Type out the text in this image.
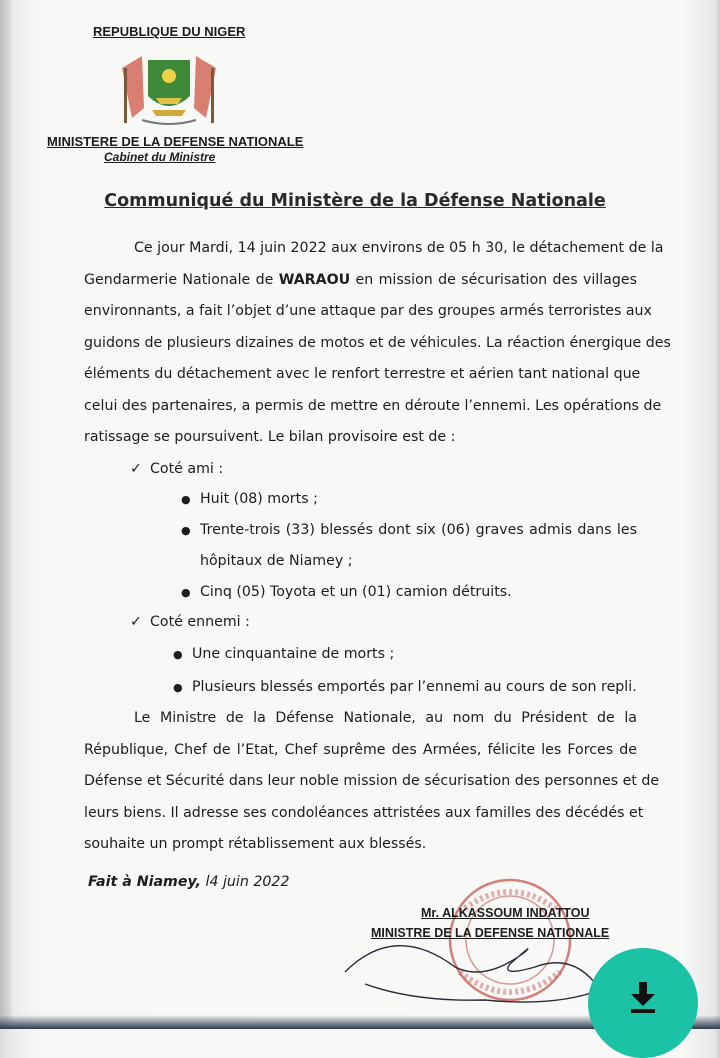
REPUBLIQUE DU NIGER
MINISTERE DE LA DEFENSE NATIONALE
Cabinet du Ministre
Communiqué du Ministère de la Défense Nationale
Ce jour Mardi, 14 juin 2022 aux environs de 05 h 30, le détachement de la
Gendarmerie Nationale de WARAOU en mission de sécurisation des villages
environnants, a fait l’objet d’une attaque par des groupes armés terroristes aux
guidons de plusieurs dizaines de motos et de véhicules. La réaction énergique des
éléments du détachement avec le renfort terrestre et aérien tant national que
celui des partenaires, a permis de mettre en déroute l’ennemi. Les opérations de
ratissage se poursuivent. Le bilan provisoire est de :
✓ Coté ami :
● Huit (08) morts ;
● Trente-trois (33) blessés dont six (06) graves admis dans les
hôpitaux de Niamey ;
● Cinq (05) Toyota et un (01) camion détruits.
✓ Coté ennemi :
● Une cinquantaine de morts ;
● Plusieurs blessés emportés par l’ennemi au cours de son repli.
Le Ministre de la Défense Nationale, au nom du Président de la
République, Chef de l’Etat, Chef suprême des Armées, félicite les Forces de
Défense et Sécurité dans leur noble mission de sécurisation des personnes et de
leurs biens. Il adresse ses condoléances attristées aux familles des décédés et
souhaite un prompt rétablissement aux blessés.
Fait à Niamey, l4 juin 2022
Mr. ALKASSOUM INDATTOU
MINISTRE DE LA DEFENSE NATIONALE
